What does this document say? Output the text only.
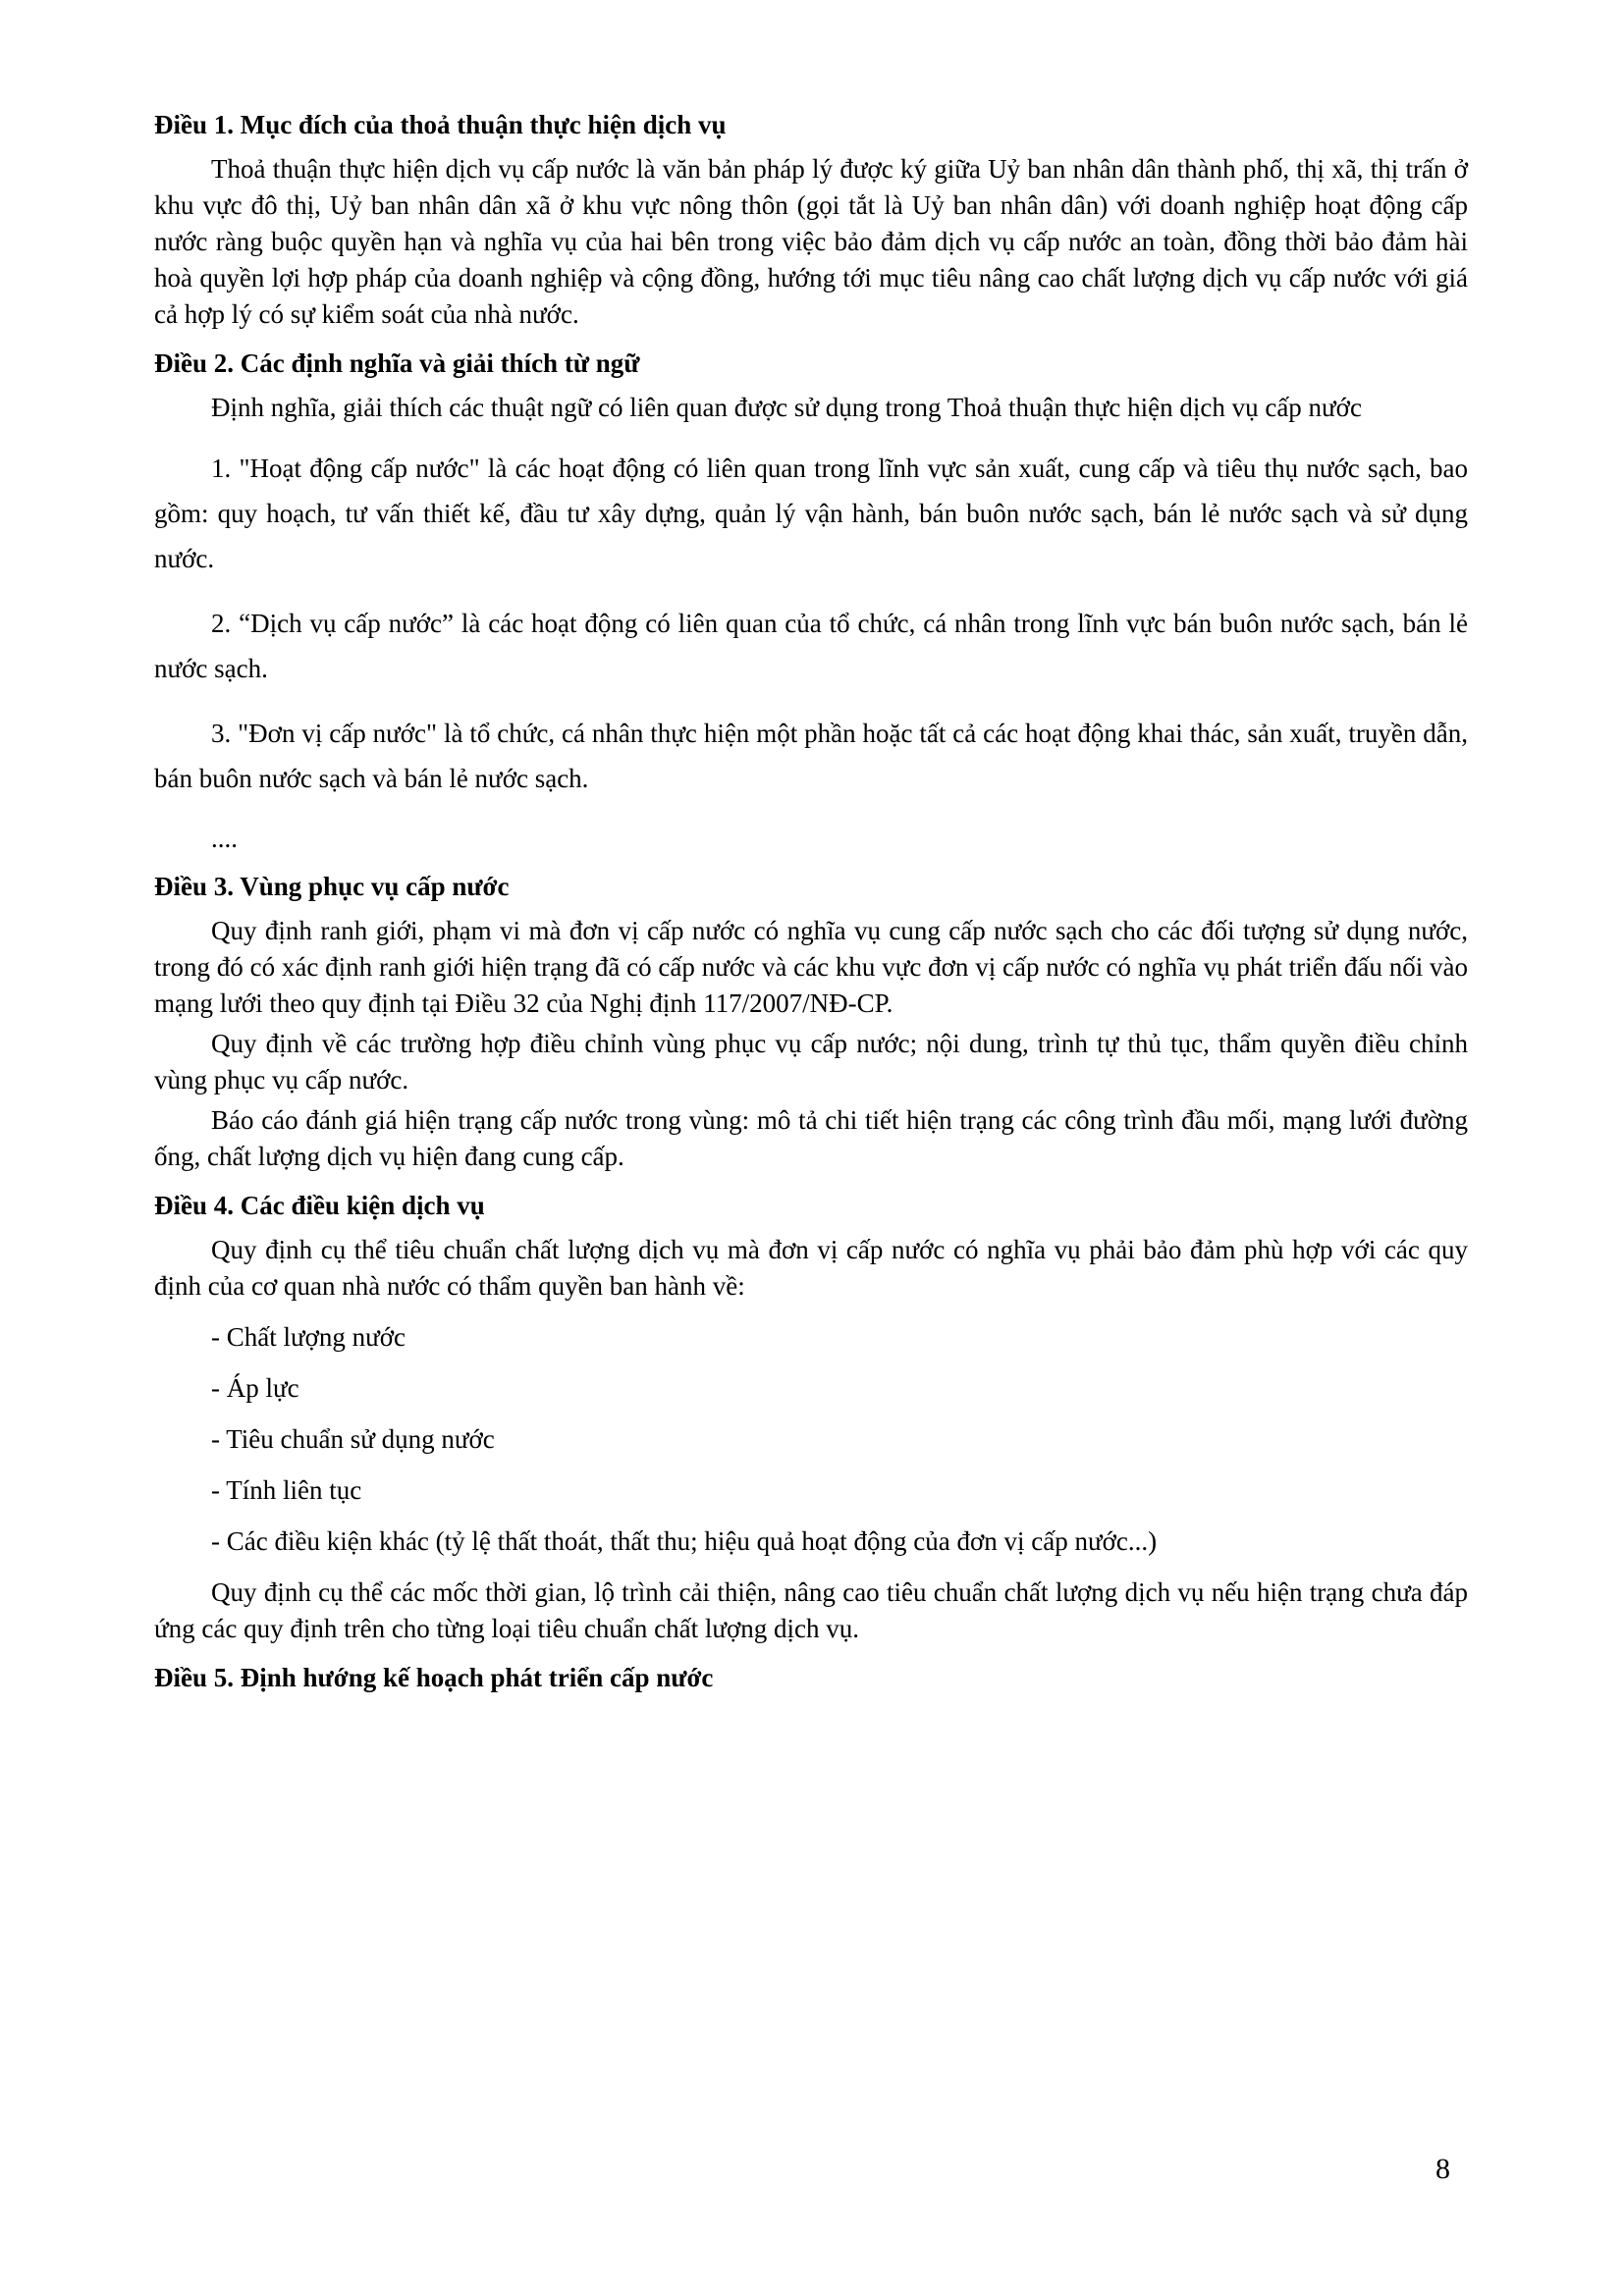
Điều 1. Mục đích của thoả thuận thực hiện dịch vụ

Thoả thuận thực hiện dịch vụ cấp nước là văn bản pháp lý được ký giữa Uỷ ban nhân dân thành phố, thị xã, thị trấn ở khu vực đô thị, Uỷ ban nhân dân xã ở khu vực nông thôn (gọi tắt là Uỷ ban nhân dân) với doanh nghiệp hoạt động cấp nước ràng buộc quyền hạn và nghĩa vụ của hai bên trong việc bảo đảm dịch vụ cấp nước an toàn, đồng thời bảo đảm hài hoà quyền lợi hợp pháp của doanh nghiệp và cộng đồng, hướng tới mục tiêu nâng cao chất lượng dịch vụ cấp nước với giá cả hợp lý có sự kiểm soát của nhà nước.

Điều 2. Các định nghĩa và giải thích từ ngữ

Định nghĩa, giải thích các thuật ngữ có liên quan được sử dụng trong Thoả thuận thực hiện dịch vụ cấp nước

1. "Hoạt động cấp nước" là các hoạt động có liên quan trong lĩnh vực sản xuất, cung cấp và tiêu thụ nước sạch, bao gồm: quy hoạch, tư vấn thiết kế, đầu tư xây dựng, quản lý vận hành, bán buôn nước sạch, bán lẻ nước sạch và sử dụng nước.

2. “Dịch vụ cấp nước” là các hoạt động có liên quan của tổ chức, cá nhân trong lĩnh vực bán buôn nước sạch, bán lẻ nước sạch.

3. "Đơn vị cấp nước" là tổ chức, cá nhân thực hiện một phần hoặc tất cả các hoạt động khai thác, sản xuất, truyền dẫn, bán buôn nước sạch và bán lẻ nước sạch.

....

Điều 3. Vùng phục vụ cấp nước

Quy định ranh giới, phạm vi mà đơn vị cấp nước có nghĩa vụ cung cấp nước sạch cho các đối tượng sử dụng nước, trong đó có xác định ranh giới hiện trạng đã có cấp nước và các khu vực đơn vị cấp nước có nghĩa vụ phát triển đấu nối vào mạng lưới theo quy định tại Điều 32 của Nghị định 117/2007/NĐ-CP.

Quy định về các trường hợp điều chỉnh vùng phục vụ cấp nước; nội dung, trình tự thủ tục, thẩm quyền điều chỉnh vùng phục vụ cấp nước.

Báo cáo đánh giá hiện trạng cấp nước trong vùng: mô tả chi tiết hiện trạng các công trình đầu mối, mạng lưới đường ống, chất lượng dịch vụ hiện đang cung cấp.

Điều 4. Các điều kiện dịch vụ

Quy định cụ thể tiêu chuẩn chất lượng dịch vụ mà đơn vị cấp nước có nghĩa vụ phải bảo đảm phù hợp với các quy định của cơ quan nhà nước có thẩm quyền ban hành về:

- Chất lượng nước

- Áp lực

- Tiêu chuẩn sử dụng nước

- Tính liên tục

- Các điều kiện khác (tỷ lệ thất thoát, thất thu; hiệu quả hoạt động của đơn vị cấp nước...)

Quy định cụ thể các mốc thời gian, lộ trình cải thiện, nâng cao tiêu chuẩn chất lượng dịch vụ nếu hiện trạng chưa đáp ứng các quy định trên cho từng loại tiêu chuẩn chất lượng dịch vụ.

Điều 5. Định hướng kế hoạch phát triển cấp nước
8
